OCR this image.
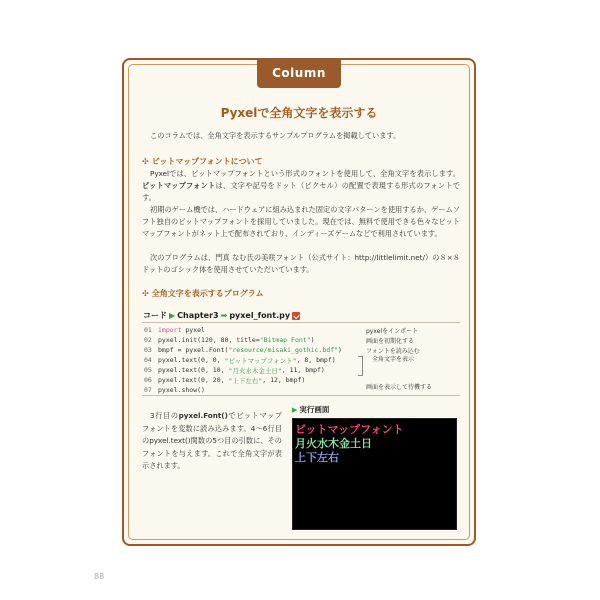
Column
Pyxelで全角文字を表示する
このコラムでは、全角文字を表示するサンプルプログラムを掲載しています。
✣ ビットマップフォントについて
Pyxelでは、ビットマップフォントという形式のフォントを使用して、全角文字を表示します。ビットマップフォントは、文字や記号をドット（ピクセル）の配置で表現する形式のフォントです。
初期のゲーム機では、ハードウェアに組み込まれた固定の文字パターンを使用するか、ゲームソフト独自のビットマップフォントを採用していました。現在では、無料で使用できる色々なビットマップフォントがネット上で配布されており、インディーズゲームなどで利用されています。
次のプログラムは、門真 なむ氏の美咲フォント（公式サイト：http://littlelimit.net/）の８×８ドットのゴシック体を使用させていただいています。
✣ 全角文字を表示するプログラム
コード ▶ Chapter3 ➡ pyxel_font.py
01 import pyxel
02 pyxel.init(120, 80, title= "Bitmap Font" )
03 bmpf = pyxel.Font( "resource/misaki_gothic.bdf" )
04 pyxel.text(0, 0, "ビットマップフォント" , 8, bmpf)
05 pyxel.text(0, 10, "月火水木金土日" , 11, bmpf)
06 pyxel.text(0, 20, "上下左右" , 12, bmpf)
07 pyxel.show()
pyxelをインポート
画面を初期化する
フォントを読み込む
全角文字を表示
画面を表示して待機する
3行目のpyxel.Font()でビットマップフォントを変数に読み込みます。4～6行目のpyxel.text()関数の5つ目の引数に、そのフォントを与えます。これで全角文字が表示されます。
▶ 実行画面
ビットマップフォント
月火水木金土日
上下左右
88
